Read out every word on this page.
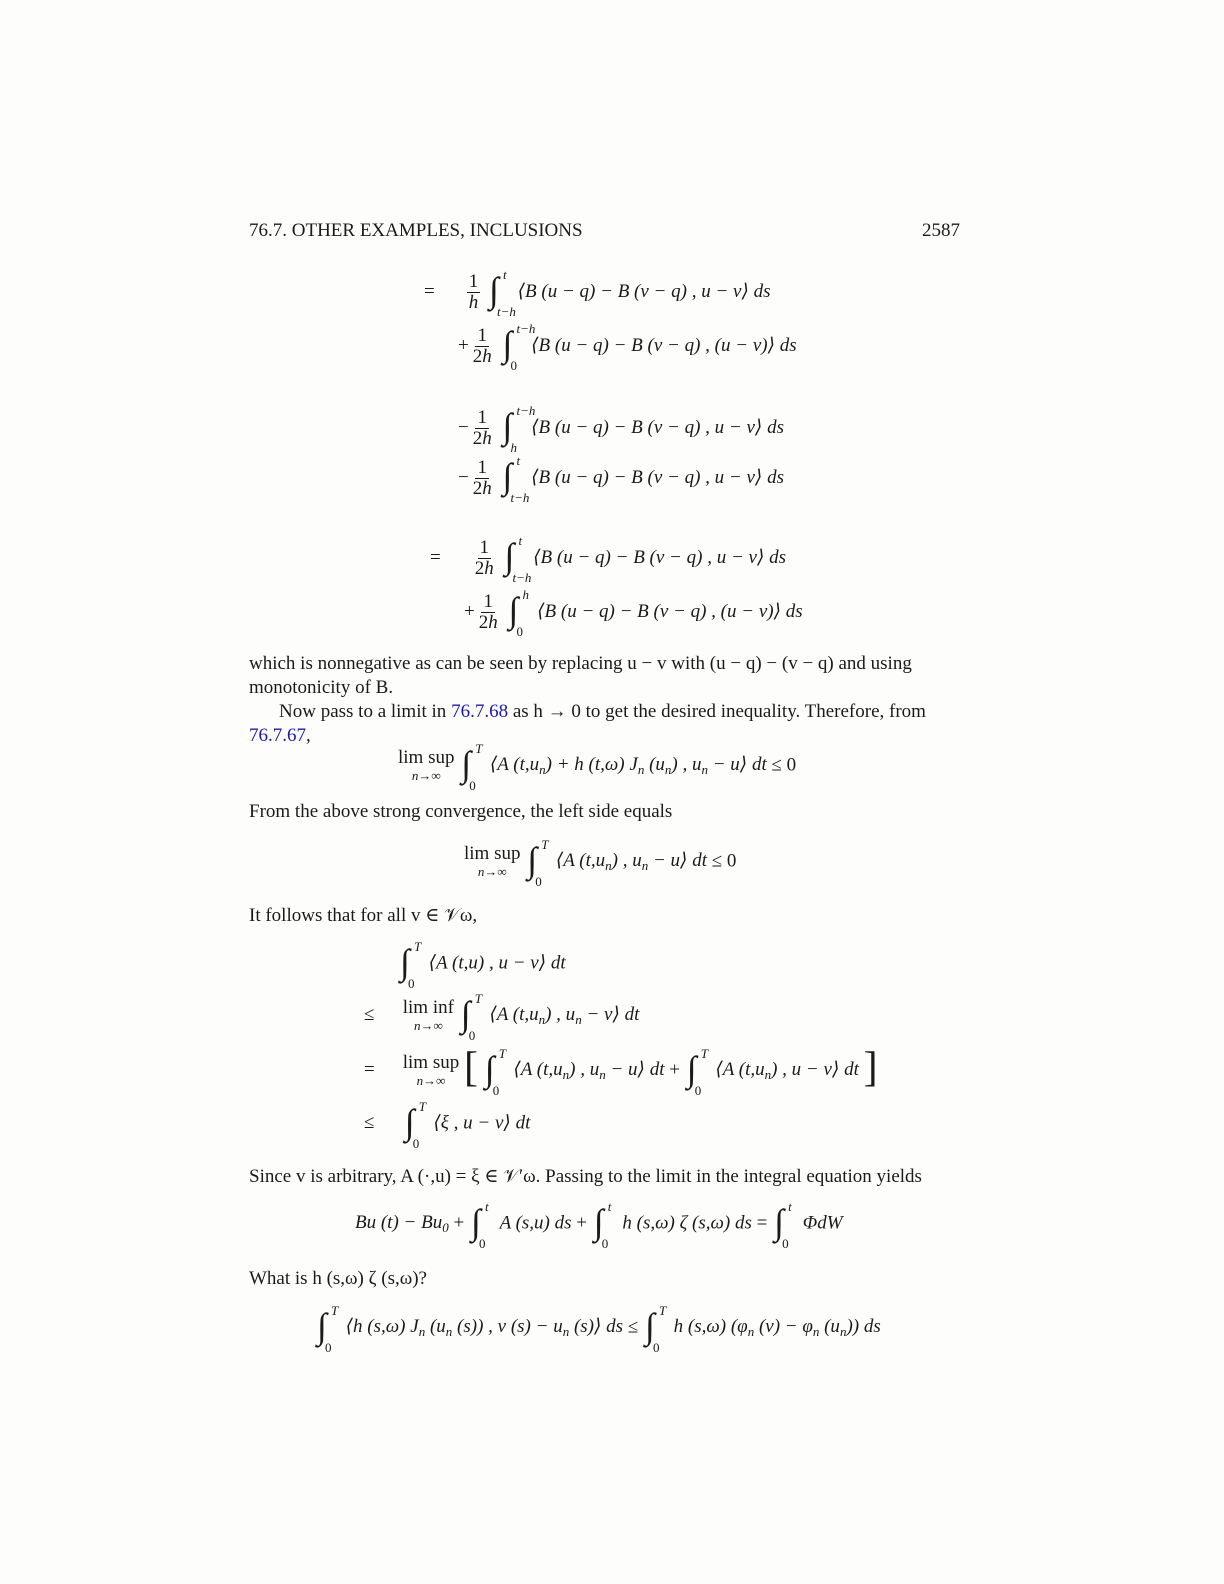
76.7. OTHER EXAMPLES, INCLUSIONS	2587
= $\frac{1}{h}$ ∫ t
t−h
⟨B (u − q) − B (v − q) , u − v⟩ ds
+ $\frac{1}{2h}$ ∫ t−h
0
⟨B (u − q) − B (v − q) , (u − v)⟩ ds
− $\frac{1}{2h}$ ∫ t−h
h
⟨B (u − q) − B (v − q) , u − v⟩ ds
− $\frac{1}{2h}$ ∫ t
t−h
⟨B (u − q) − B (v − q) , u − v⟩ ds
= $\frac{1}{2h}$ ∫ t
t−h
⟨B (u − q) − B (v − q) , u − v⟩ ds
+ $\frac{1}{2h}$ ∫ h
0
⟨B (u − q) − B (v − q) , (u − v)⟩ ds
which is nonnegative as can be seen by replacing u − v with (u − q) − (v − q) and using
monotonicity of B.
Now pass to a limit in 76.7.68 as h → 0 to get the desired inequality. Therefore, from
76.7.67,
lim sup
n→∞ ∫ T
0
⟨A $(t,u_n) + h$ (t,ω) $J_n$ $(u_n)$ , $u_n$ − u⟩ dt ≤ 0
From the above strong convergence, the left side equals
lim sup
n→∞ ∫ T
0
⟨A $(t,u_n)$ , $u_n$ − u⟩ dt ≤ 0
It follows that for all v ∈ 𝒱ω,
∫ T
0
⟨A (t,u) , u − v⟩ dt
≤ lim inf
n→∞ ∫ T
0
⟨A $(t,u_n)$ , $u_n$ − v⟩ dt
= lim sup
n→∞ [ ∫ T
0
⟨A $(t,u_n)$ , $u_n$ − u⟩ dt + ∫ T
0
⟨A $(t,u_n)$ , u − v⟩ dt ]
≤ ∫ T
0
⟨ξ , u − v⟩ dt
Since v is arbitrary, A (·,u) = ξ ∈ 𝒱′ω. Passing to the limit in the integral equation yields
Bu $(t) - Bu_0$ + ∫ t
0
A (s,u) ds + ∫ t
0
h (s,ω) ζ (s,ω) ds = ∫ t
0
ΦdW
What is h (s,ω) ζ (s,ω)?
∫ T
0
⟨h (s,ω) $J_n$ ($u_n$ (s)) , v $(s) - u_n$ (s)⟩ ds ≤ ∫ T
0
h (s,ω) ($\varphi_n$ $(v) - \varphi_n$ $(u_n)$) ds
